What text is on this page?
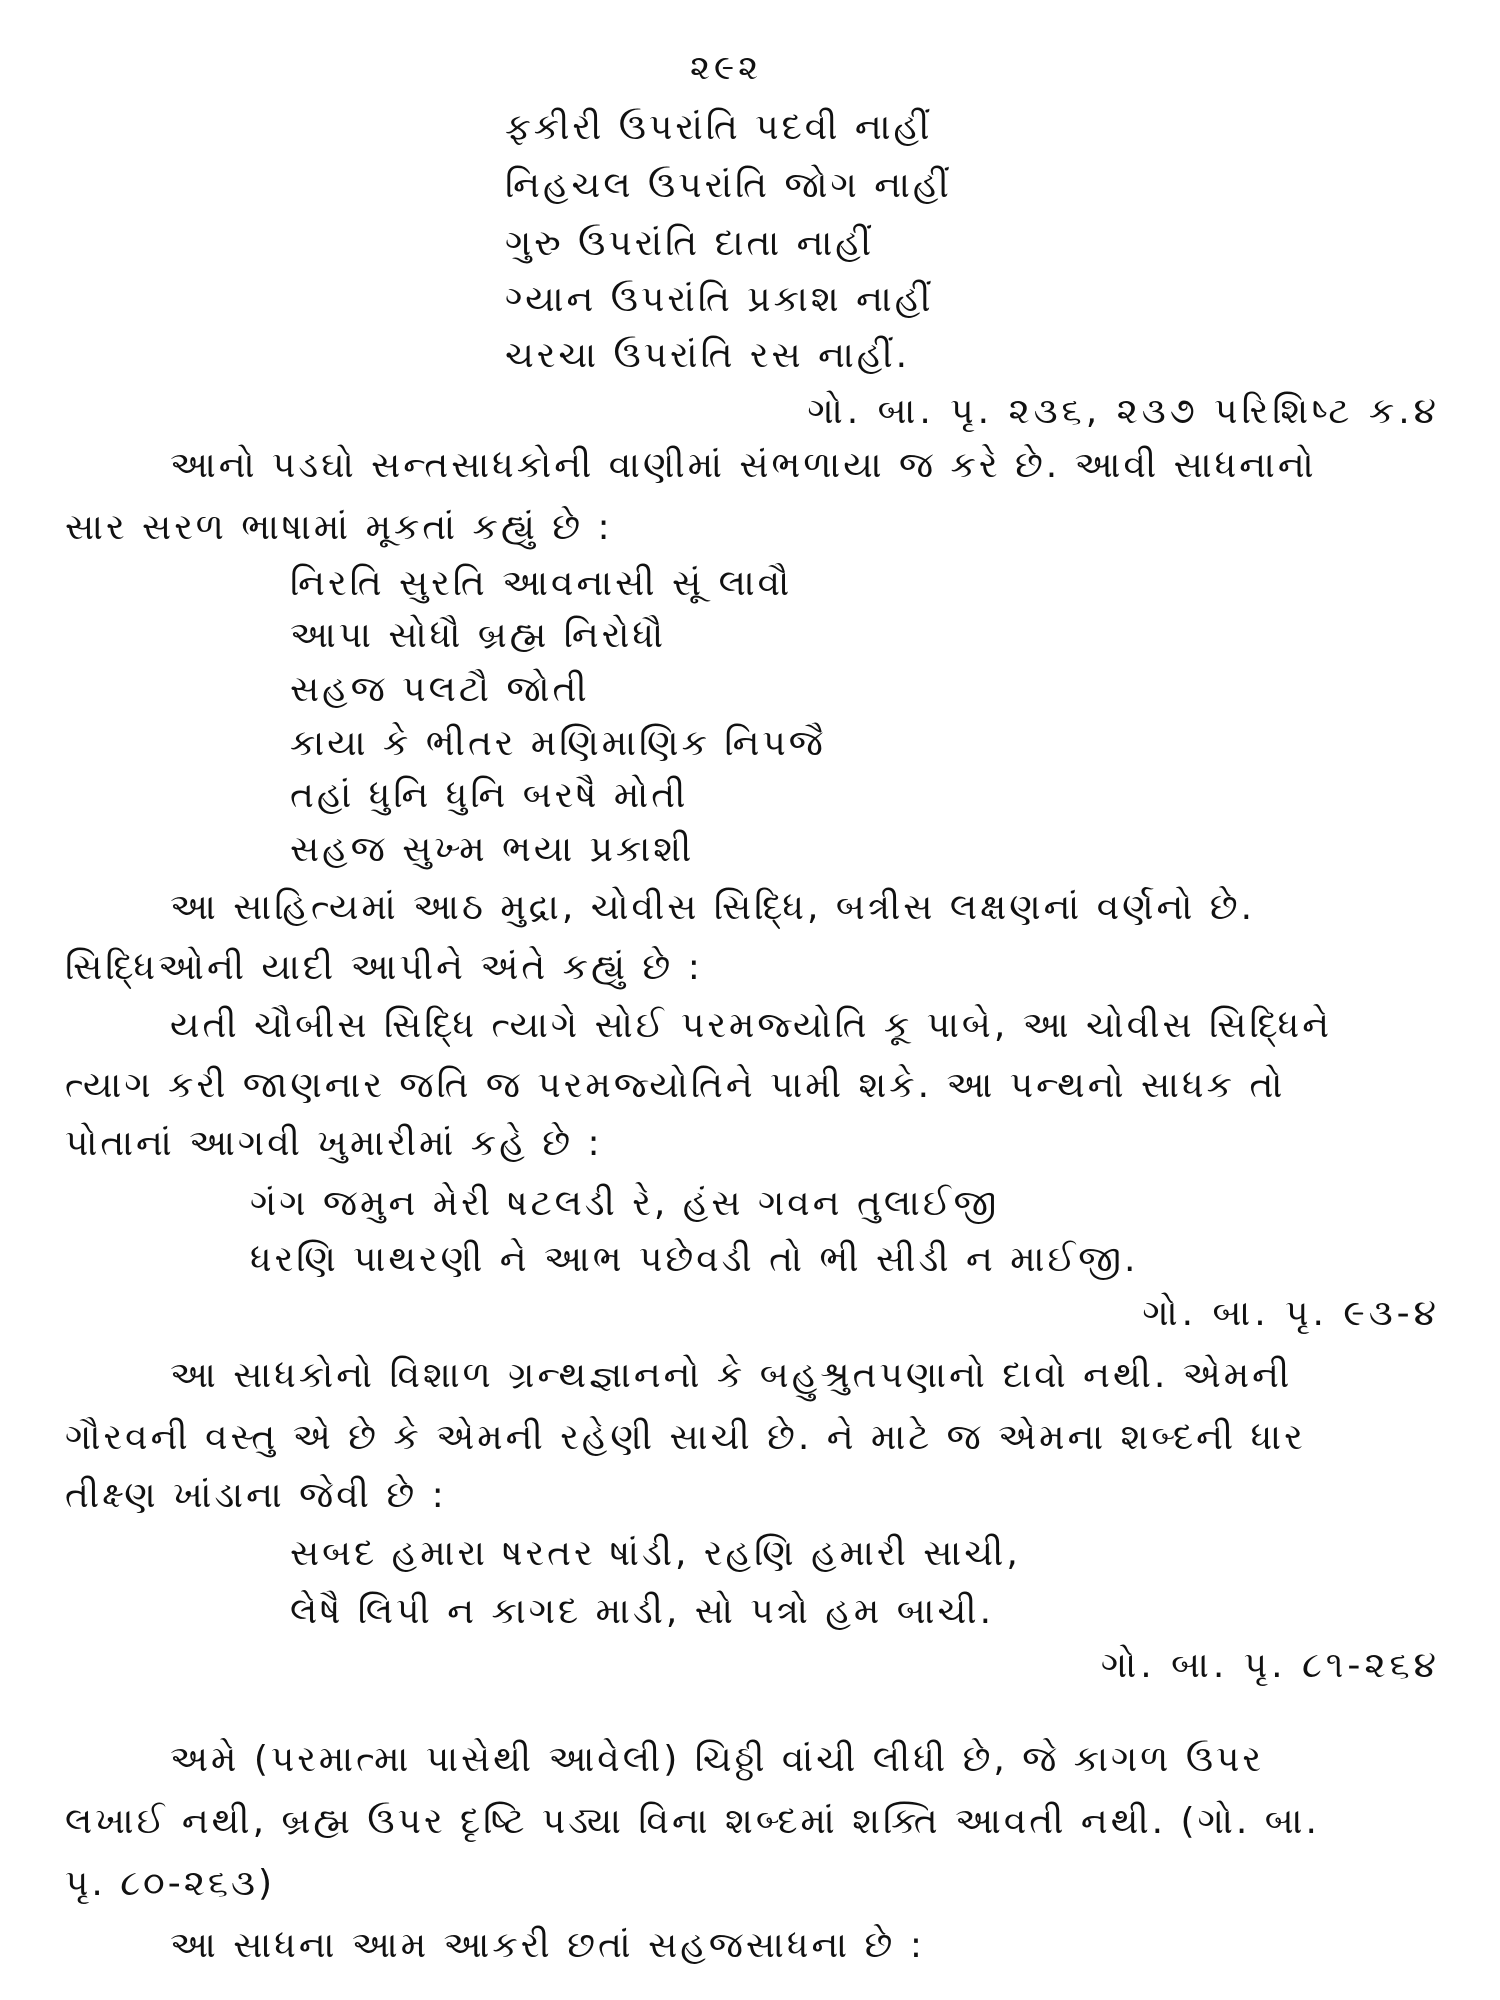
૨૯૨
ફકીરી ઉપરાંતિ પદવી નાહીં
નિહચલ ઉપરાંતિ જોગ નાહીં
ગુરુ ઉપરાંતિ દાતા નાહીં
ગ્યાન ઉપરાંતિ પ્રકાશ નાહીં
ચરચા ઉપરાંતિ રસ નાહીં.
ગો. બા. પૃ. ૨૩૬, ૨૩૭ પરિશિષ્ટ ક.૪
આનો પડઘો સન્તસાધકોની વાણીમાં સંભળાયા જ કરે છે. આવી સાધનાનો
સાર સરળ ભાષામાં મૂકતાં કહ્યું છે :
નિરતિ સુરતિ આવનાસી સૂં લાવૌ
આપા સોધૌ બ્રહ્મ નિરોધૌ
સહજ પલટૌ જોતી
કાયા કે ભીતર મણિમાણિક નિપજૈ
તહાં ધુનિ ધુનિ બરષૈ મોતી
સહજ સુખ્મ ભયા પ્રકાશી
આ સાહિત્યમાં આઠ મુદ્રા, ચોવીસ સિદ્ધિ, બત્રીસ લક્ષણનાં વર્ણનો છે.
સિદ્ધિઓની યાદી આપીને અંતે કહ્યું છે :
યતી ચૌબીસ સિદ્ધિ ત્યાગે સોઈ પરમજ્યોતિ કૂ પાબે, આ ચોવીસ સિદ્ધિને
ત્યાગ કરી જાણનાર જતિ જ પરમજ્યોતિને પામી શકે. આ પન્થનો સાધક તો
પોતાનાં આગવી ખુમારીમાં કહે છે :
ગંગ જમુન મેરી ષટલડી રે, હંસ ગવન તુલાઈજી
ધરણિ પાથરણી ને આભ પછેવડી તો ભી સીડી ન માઈજી.
ગો. બા. પૃ. ૯૩-૪
આ સાધકોનો વિશાળ ગ્રન્થજ્ઞાનનો કે બહુશ્રુતપણાનો દાવો નથી. એમની
ગૌરવની વસ્તુ એ છે કે એમની રહેણી સાચી છે. ને માટે જ એમના શબ્દની ધાર
તીક્ષ્ણ ખાંડાના જેવી છે :
સબદ હમારા ષરતર ષાંડી, રહણિ હમારી સાચી,
લેષૈ લિપી ન કાગદ માડી, સો પત્રો હમ બાચી.
ગો. બા. પૃ. ૮૧-૨૬૪
અમે (પરમાત્મા પાસેથી આવેલી) ચિઠ્ઠી વાંચી લીધી છે, જે કાગળ ઉપર
લખાઈ નથી, બ્રહ્મ ઉપર દૃષ્ટિ પડ્યા વિના શબ્દમાં શક્તિ આવતી નથી. (ગો. બા.
પૃ. ૮૦-૨૬૩)
આ સાધના આમ આકરી છતાં સહજસાધના છે :
